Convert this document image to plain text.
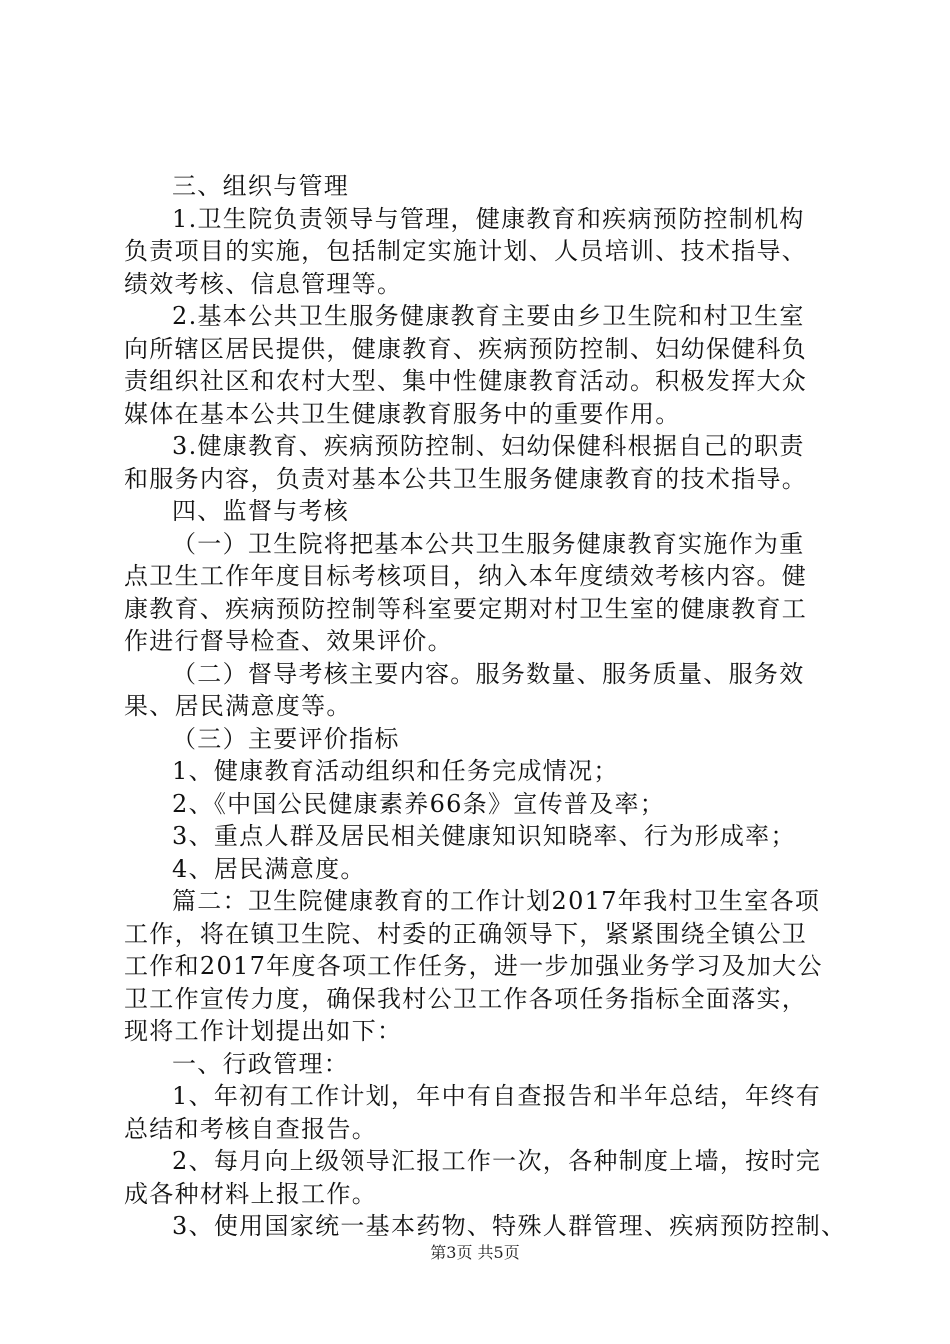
三、组织与管理
1.卫生院负责领导与管理，健康教育和疾病预防控制机构
负责项目的实施，包括制定实施计划、人员培训、技术指导、
绩效考核、信息管理等。
2.基本公共卫生服务健康教育主要由乡卫生院和村卫生室
向所辖区居民提供，健康教育、疾病预防控制、妇幼保健科负
责组织社区和农村大型、集中性健康教育活动。积极发挥大众
媒体在基本公共卫生健康教育服务中的重要作用。
3.健康教育、疾病预防控制、妇幼保健科根据自己的职责
和服务内容，负责对基本公共卫生服务健康教育的技术指导。
四、监督与考核
（一）卫生院将把基本公共卫生服务健康教育实施作为重
点卫生工作年度目标考核项目，纳入本年度绩效考核内容。健
康教育、疾病预防控制等科室要定期对村卫生室的健康教育工
作进行督导检查、效果评价。
（二）督导考核主要内容。服务数量、服务质量、服务效
果、居民满意度等。
（三）主要评价指标
1、健康教育活动组织和任务完成情况；
2、《中国公民健康素养66条》宣传普及率；
3、重点人群及居民相关健康知识知晓率、行为形成率；
4、居民满意度。
篇二：卫生院健康教育的工作计划2017年我村卫生室各项
工作，将在镇卫生院、村委的正确领导下，紧紧围绕全镇公卫
工作和2017年度各项工作任务，进一步加强业务学习及加大公
卫工作宣传力度，确保我村公卫工作各项任务指标全面落实，
现将工作计划提出如下：
一、行政管理：
1、年初有工作计划，年中有自查报告和半年总结，年终有
总结和考核自查报告。
2、每月向上级领导汇报工作一次，各种制度上墙，按时完
成各种材料上报工作。
3、使用国家统一基本药物、特殊人群管理、疾病预防控制、
第3页 共5页
